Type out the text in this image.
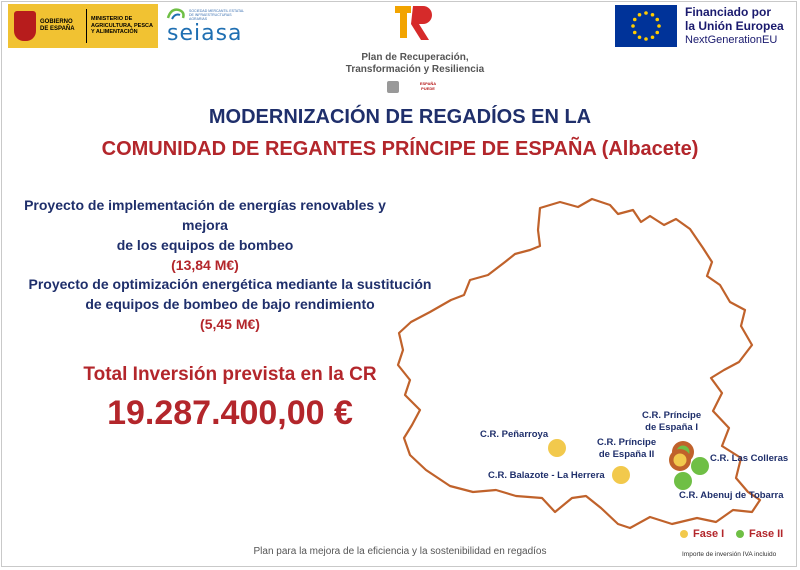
GOBIERNO DE ESPAÑA
MINISTERIO DE AGRICULTURA, PESCA Y ALIMENTACIÓN
SOCIEDAD MERCANTIL ESTATAL DE INFRAESTRUCTURAS AGRARIAS
seiasa
Plan de Recuperación,
Transformación y Resiliencia
ESPAÑA PUEDE
Financiado por
la Unión Europea
NextGenerationEU
MODERNIZACIÓN DE REGADÍOS EN LA
COMUNIDAD DE REGANTES PRÍNCIPE DE ESPAÑA (Albacete)
C.R. Peñarroya
C.R. Balazote - La Herrera
C.R. Príncipe
de España I
C.R. Príncipe
de España II	C.R. Las Colleras
C.R. Abenuj de Tobarra
Proyecto de implementación de energías renovables y mejora
de los equipos de bombeo
(13,84 M€)
Proyecto de optimización energética mediante la sustitución
de equipos de bombeo de bajo rendimiento
(5,45 M€)
Total Inversión prevista en la CR
19.287.400,00 €
Fase I Fase II
Plan para la mejora de la eficiencia y la sostenibilidad en regadíos	Importe de inversión IVA incluido
